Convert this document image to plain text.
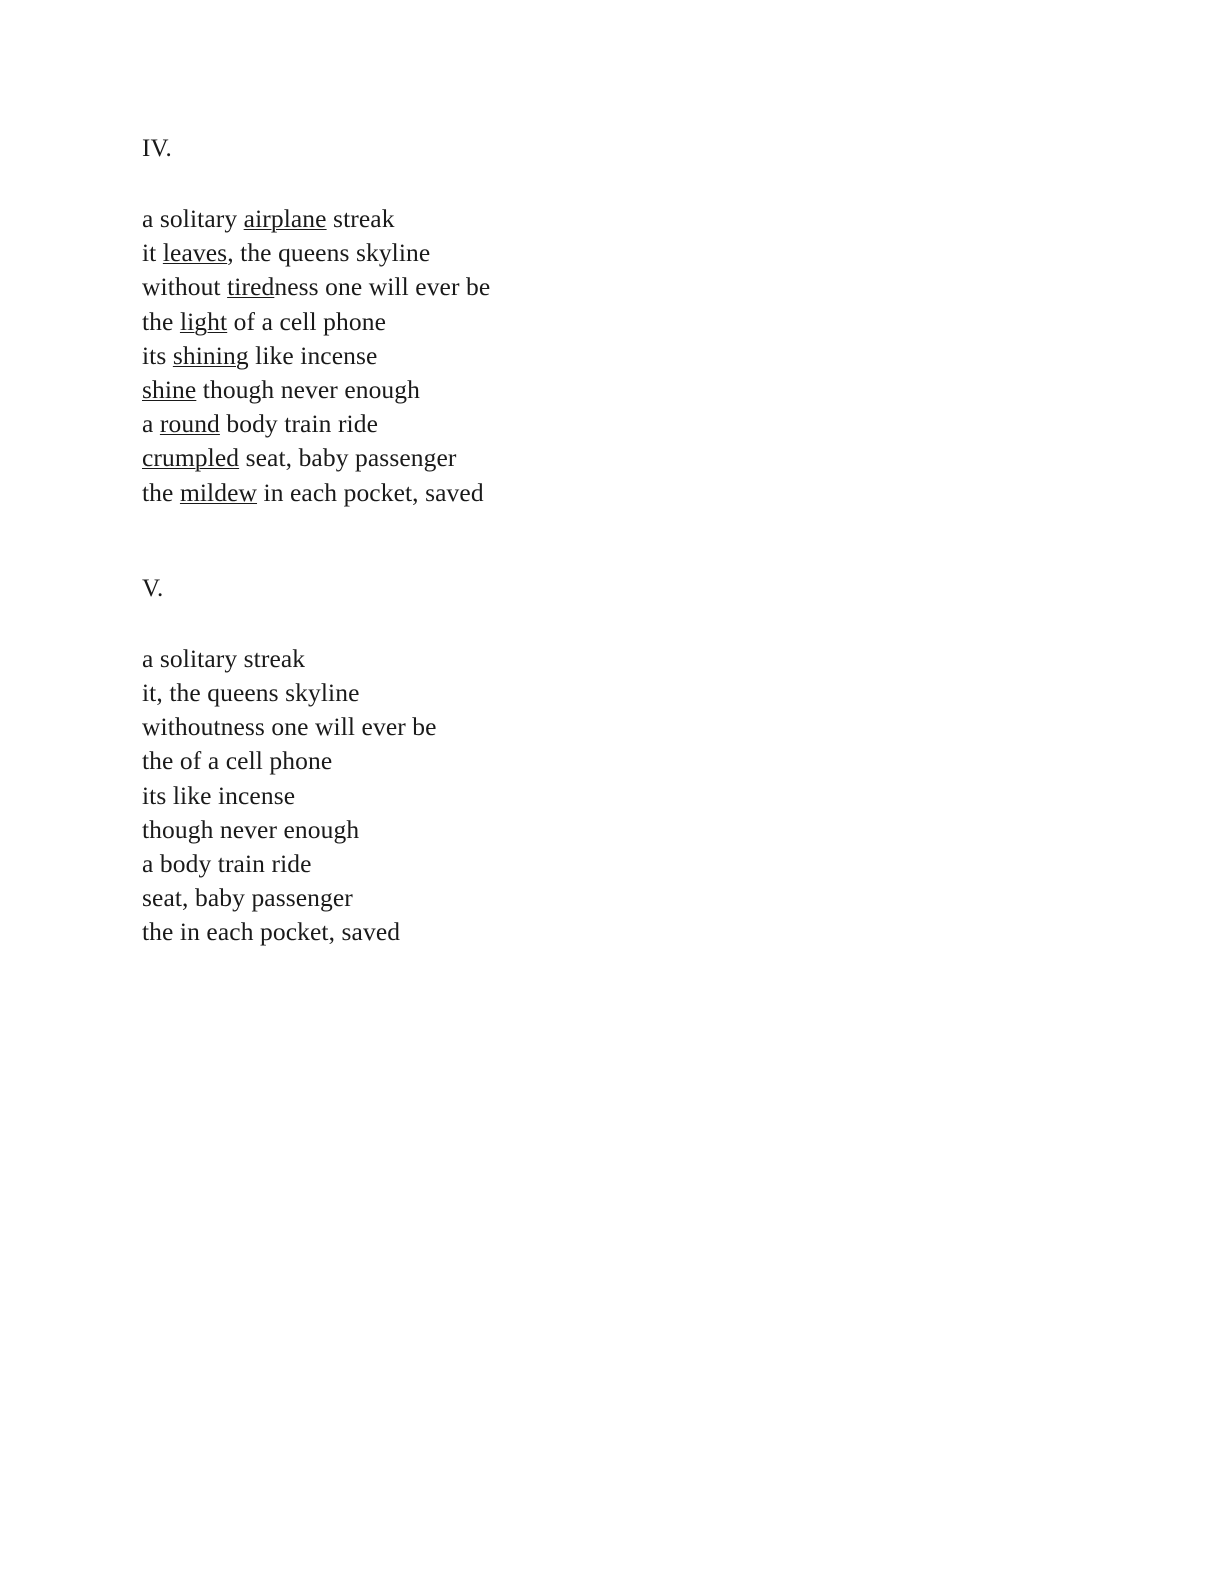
IV.
a solitary airplane streak
it leaves, the queens skyline
without tiredness one will ever be
the light of a cell phone
its shining like incense
shine though never enough
a round body train ride
crumpled seat, baby passenger
the mildew in each pocket, saved
V.
a solitary streak
it, the queens skyline
withoutness one will ever be
the of a cell phone
its like incense
though never enough
a body train ride
seat, baby passenger
the in each pocket, saved
